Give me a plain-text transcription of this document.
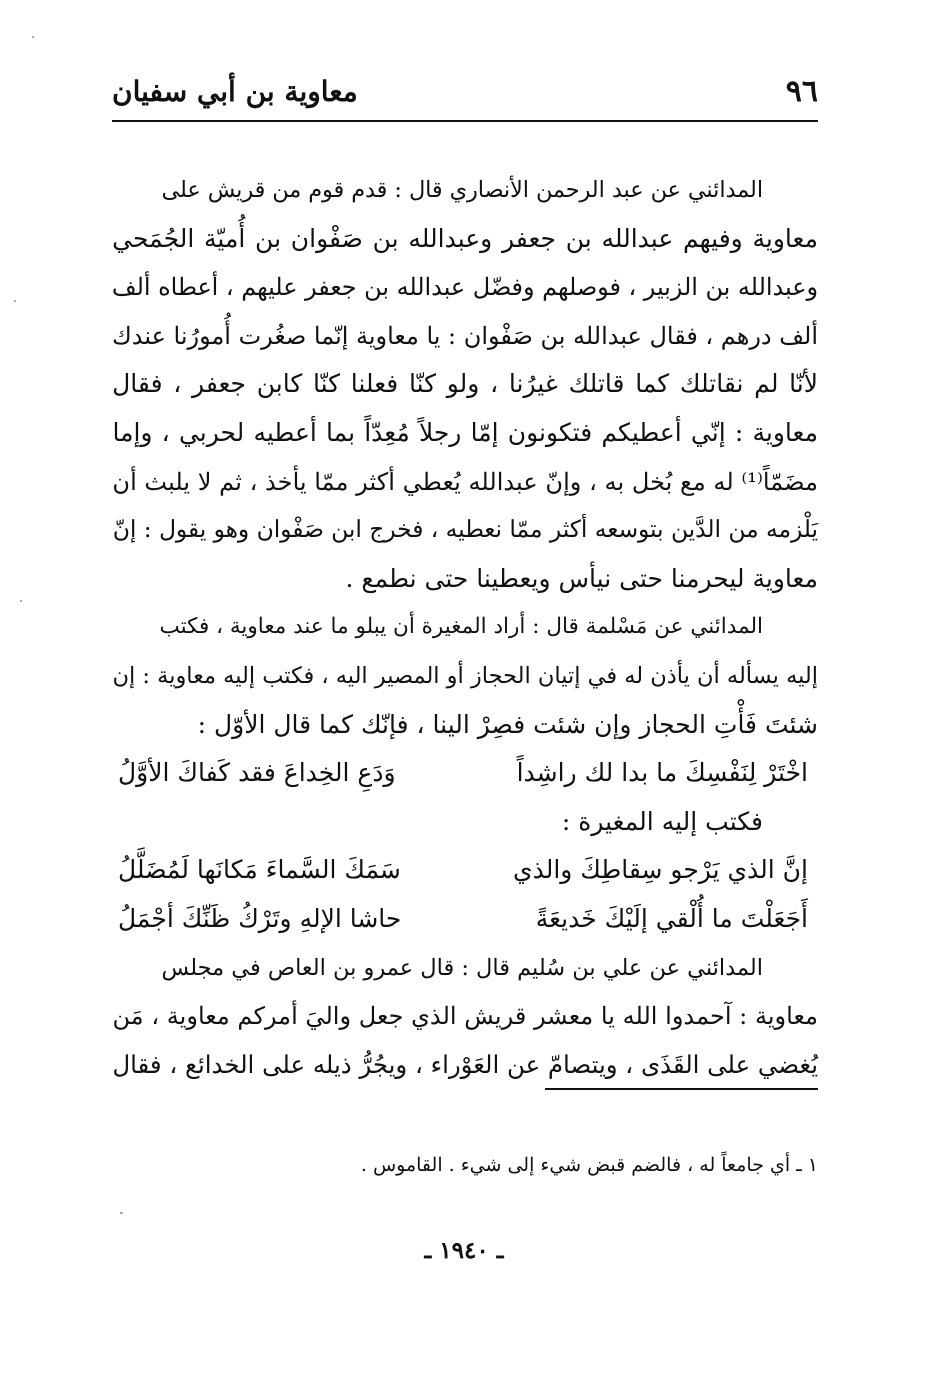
٩٦
معاوية بن أبي سفيان
المدائني عن عبد الرحمن الأنصاري قال : قدم قوم من قريش على
معاوية وفيهم عبدالله بن جعفر وعبدالله بن صَفْوان بن أُميّة الجُمَحي
وعبدالله بن الزبير ، فوصلهم وفضّل عبدالله بن جعفر عليهم ، أعطاه ألف
ألف درهم ، فقال عبدالله بن صَفْوان : يا معاوية إنّما صغُرت أُمورُنا عندك
لأنّا لم نقاتلك كما قاتلك غيرُنا ، ولو كنّا فعلنا كنّا كابن جعفر ، فقال
معاوية : إنّي أعطيكم فتكونون إمّا رجلاً مُعِدّاً بما أعطيه لحربي ، وإما
مضَمّاً⁽¹⁾ له مع بُخل به ، وإنّ عبدالله يُعطي أكثر ممّا يأخذ ، ثم لا يلبث أن
يَلْزمه من الدَّين بتوسعه أكثر ممّا نعطيه ، فخرج ابن صَفْوان وهو يقول : إنّ
معاوية ليحرمنا حتى نيأس ويعطينا حتى نطمع .
المدائني عن مَسْلمة قال : أراد المغيرة أن يبلو ما عند معاوية ، فكتب
إليه يسأله أن يأذن له في إتيان الحجاز أو المصير اليه ، فكتب إليه معاوية : إن
شئتَ فَأْتِ الحجاز وإن شئت فصِرْ الينا ، فإنّك كما قال الأوّل :
اخْتَرْ لِنَفْسِكَ ما بدا لك راشِداً
وَدَعِ الخِداعَ فقد كَفاكَ الأوَّلُ
فكتب إليه المغيرة :
إنَّ الذي يَرْجو سِقاطِكَ والذي
سَمَكَ السَّماءَ مَكانَها لَمُضَلَّلُ
أَجَعَلْتَ ما أُلْقي إلَيْكَ خَديعَةً
حاشا الإلهِ وتَرْكُ ظَنِّكَ أجْمَلُ
المدائني عن علي بن سُليم قال : قال عمرو بن العاص في مجلس
معاوية : آحمدوا الله يا معشر قريش الذي جعل واليَ أمركم معاوية ، مَن
يُغضي على القَذَى ، ويتصامّ عن العَوْراء ، ويجُرُّ ذيله على الخدائع ، فقال
١ ـ أي جامعاً له ، فالضم قبض شيء إلى شيء . القاموس .
ـ ١٩٤٠ ـ
